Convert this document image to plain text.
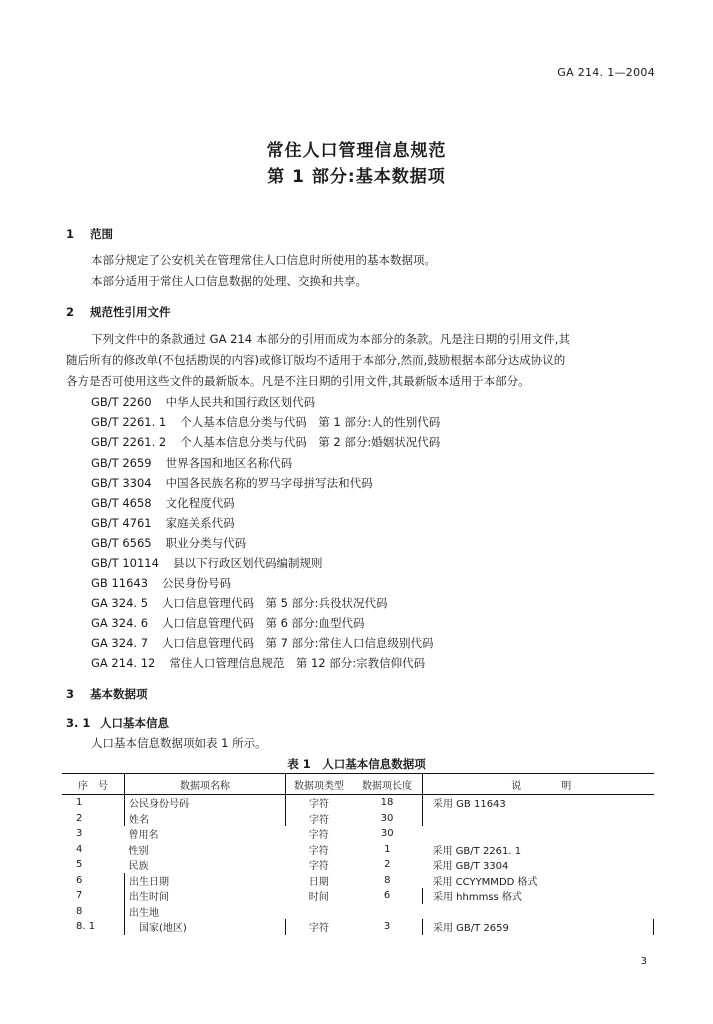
GA 214. 1—2004
常住人口管理信息规范
第 1 部分:基本数据项
1 范围
本部分规定了公安机关在管理常住人口信息时所使用的基本数据项。
本部分适用于常住人口信息数据的处理、交换和共享。
2 规范性引用文件
下列文件中的条款通过 GA 214 本部分的引用而成为本部分的条款。凡是注日期的引用文件,其
随后所有的修改单(不包括勘误的内容)或修订版均不适用于本部分,然而,鼓励根据本部分达成协议的
各方是否可使用这些文件的最新版本。凡是不注日期的引用文件,其最新版本适用于本部分。
GB/T 2260 中华人民共和国行政区划代码
GB/T 2261. 1 个人基本信息分类与代码　第 1 部分:人的性别代码
GB/T 2261. 2 个人基本信息分类与代码　第 2 部分:婚姻状况代码
GB/T 2659 世界各国和地区名称代码
GB/T 3304 中国各民族名称的罗马字母拼写法和代码
GB/T 4658 文化程度代码
GB/T 4761 家庭关系代码
GB/T 6565 职业分类与代码
GB/T 10114 县以下行政区划代码编制规则
GB 11643 公民身份号码
GA 324. 5 人口信息管理代码　第 5 部分:兵役状况代码
GA 324. 6 人口信息管理代码　第 6 部分:血型代码
GA 324. 7 人口信息管理代码　第 7 部分:常住人口信息级别代码
GA 214. 12 常住人口管理信息规范　第 12 部分:宗教信仰代码
3 基本数据项
3. 1 人口基本信息
人口基本信息数据项如表 1 所示。
表 1　人口基本信息数据项
序　号	数据项名称	数据项类型	数据项长度	说　　　　明
1	公民身份号码	字符	18	采用 GB 11643
2	姓名	字符	30	
3	曾用名	字符	30	
4	性别	字符	1	采用 GB/T 2261. 1
5	民族	字符	2	采用 GB/T 3304
6	出生日期	日期	8	采用 CCYYMMDD 格式
7	出生时间	时间	6	采用 hhmmss 格式
8	出生地			
8. 1	　国家(地区)	字符	3	采用 GB/T 2659
3
